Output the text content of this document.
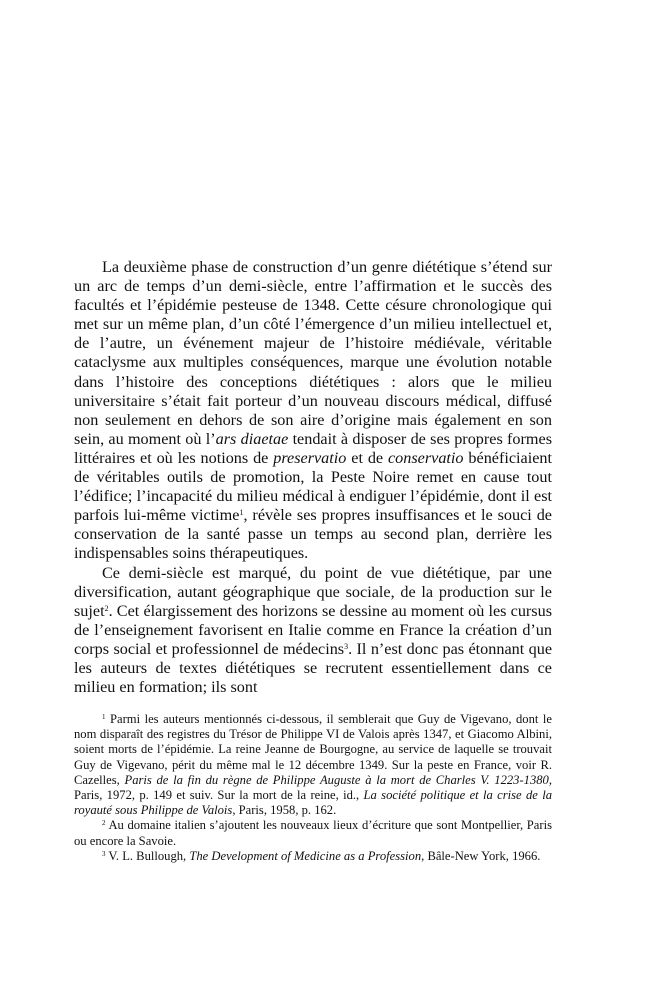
La deuxième phase de construction d’un genre diététique s’étend sur un arc de temps d’un demi-siècle, entre l’affirmation et le succès des facultés et l’épidémie pesteuse de 1348. Cette césure chronologique qui met sur un même plan, d’un côté l’émergence d’un milieu intellectuel et, de l’autre, un événement majeur de l’histoire médiévale, véritable cataclysme aux multiples conséquences, marque une évolution notable dans l’histoire des conceptions diététiques : alors que le milieu universitaire s’était fait porteur d’un nouveau discours médical, diffusé non seulement en dehors de son aire d’origine mais également en son sein, au moment où l’ars diaetae tendait à disposer de ses propres formes littéraires et où les notions de preservatio et de conservatio bénéficiaient de véritables outils de promotion, la Peste Noire remet en cause tout l’édifice; l’incapacité du milieu médical à endiguer l’épidémie, dont il est parfois lui-même victime$^1$, révèle ses propres insuffisances et le souci de conservation de la santé passe un temps au second plan, derrière les indispensables soins thérapeutiques.

Ce demi-siècle est marqué, du point de vue diététique, par une diversification, autant géographique que sociale, de la production sur le sujet$^2$. Cet élargissement des horizons se dessine au moment où les cursus de l’enseignement favorisent en Italie comme en France la création d’un corps social et professionnel de médecins$^3$. Il n’est donc pas étonnant que les auteurs de textes diététiques se recrutent essentiellement dans ce milieu en formation; ils sont

$^1$ Parmi les auteurs mentionnés ci-dessous, il semblerait que Guy de Vigevano, dont le nom disparaît des registres du Trésor de Philippe VI de Valois après 1347, et Giacomo Albini, soient morts de l’épidémie. La reine Jeanne de Bourgogne, au service de laquelle se trouvait Guy de Vigevano, périt du même mal le 12 décembre 1349. Sur la peste en France, voir R. Cazelles, Paris de la fin du règne de Philippe Auguste à la mort de Charles V. 1223-1380, Paris, 1972, p. 149 et suiv. Sur la mort de la reine, id., La société politique et la crise de la royauté sous Philippe de Valois, Paris, 1958, p. 162.

$^2$ Au domaine italien s’ajoutent les nouveaux lieux d’écriture que sont Montpellier, Paris ou encore la Savoie.

$^3$ V. L. Bullough, The Development of Medicine as a Profession, Bâle-New York, 1966.
